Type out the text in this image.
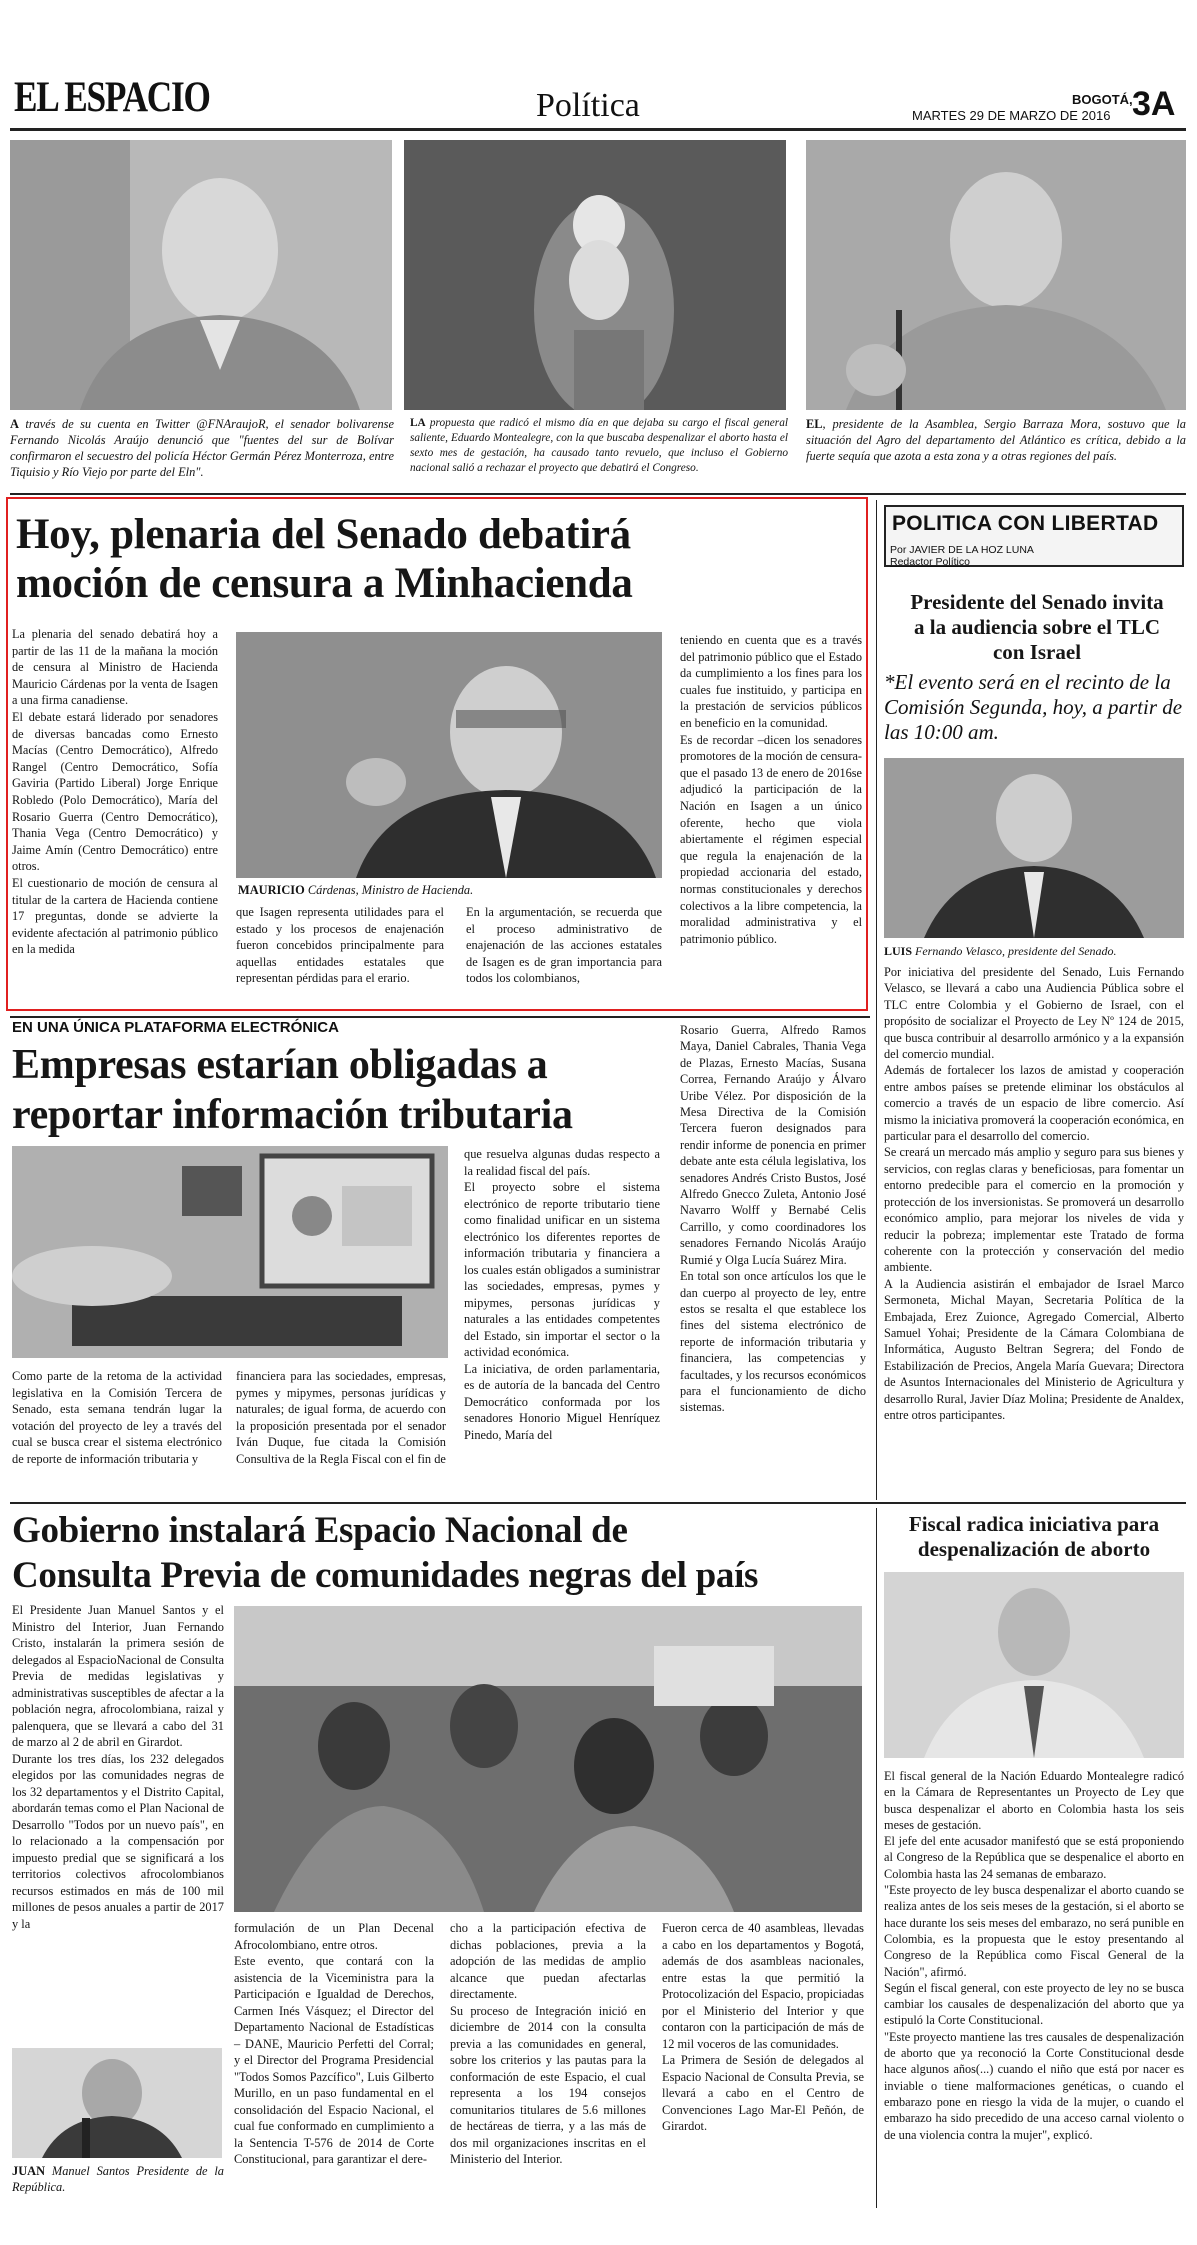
EL ESPACIO	Política	BOGOTÁ,
MARTES 29 DE MARZO DE 2016 3A
A través de su cuenta en Twitter @FNAraujoR, el senador bolivarense Fernando Nicolás Araújo denunció que "fuentes del sur de Bolívar confirmaron el secuestro del policía Héctor Germán Pérez Monterroza, entre Tiquisio y Río Viejo por parte del Eln".
LA propuesta que radicó el mismo día en que dejaba su cargo el fiscal general saliente, Eduardo Montealegre, con la que buscaba despenalizar el aborto hasta el sexto mes de gestación, ha causado tanto revuelo, que incluso el Gobierno nacional salió a rechazar el proyecto que debatirá el Congreso.
EL, presidente de la Asamblea, Sergio Barraza Mora, sostuvo que la situación del Agro del departamento del Atlántico es crítica, debido a la fuerte sequía que azota a esta zona y a otras regiones del país.
Hoy, plenaria del Senado debatirá
moción de censura a Minhacienda
La plenaria del senado debatirá hoy a partir de las 11 de la mañana la moción de censura al Ministro de Hacienda Mauricio Cárdenas por la venta de Isagen a una firma canadiense.
El debate estará liderado por senadores de diversas bancadas como Ernesto Macías (Centro Democrático), Alfredo Rangel (Centro Democrático, Sofía Gaviria (Partido Liberal) Jorge Enrique Robledo (Polo Democrático), María del Rosario Guerra (Centro Democrático), Thania Vega (Centro Democrático) y Jaime Amín (Centro Democrático) entre otros.
El cuestionario de moción de censura al titular de la cartera de Hacienda contiene 17 preguntas, donde se advierte la evidente afectación al patrimonio público en la medida
MAURICIO Cárdenas, Ministro de Hacienda.
que Isagen representa utilidades para el estado y los procesos de enajenación fueron concebidos principalmente para aquellas entidades estatales que representan pérdidas para el erario.
En la argumentación, se recuerda que el proceso administrativo de enajenación de las acciones estatales de Isagen es de gran importancia para todos los colombianos,
teniendo en cuenta que es a través del patrimonio público que el Estado da cumplimiento a los fines para los cuales fue instituido, y participa en la prestación de servicios públicos en beneficio en la comunidad.
Es de recordar –dicen los senadores promotores de la moción de censura- que el pasado 13 de enero de 2016se adjudicó la participación de la Nación en Isagen a un único oferente, hecho que viola abiertamente el régimen especial que regula la enajenación de la propiedad accionaria del estado, normas constitucionales y derechos colectivos a la libre competencia, la moralidad administrativa y el patrimonio público.
POLITICA CON LIBERTAD
Por JAVIER DE LA HOZ LUNA
Redactor Político
Presidente del Senado invita a la audiencia sobre el TLC con Israel
*El evento será en el recinto de la Comisión Segunda, hoy, a partir de las 10:00 am.
LUIS Fernando Velasco, presidente del Senado.
Por iniciativa del presidente del Senado, Luis Fernando Velasco, se llevará a cabo una Audiencia Pública sobre el TLC entre Colombia y el Gobierno de Israel, con el propósito de socializar el Proyecto de Ley Nº 124 de 2015, que busca contribuir al desarrollo armónico y a la expansión del comercio mundial.
Además de fortalecer los lazos de amistad y cooperación entre ambos países se pretende eliminar los obstáculos al comercio a través de un espacio de libre comercio. Así mismo la iniciativa promoverá la cooperación económica, en particular para el desarrollo del comercio.
Se creará un mercado más amplio y seguro para sus bienes y servicios, con reglas claras y beneficiosas, para fomentar un entorno predecible para el comercio en la promoción y protección de los inversionistas. Se promoverá un desarrollo económico amplio, para mejorar los niveles de vida y reducir la pobreza; implementar este Tratado de forma coherente con la protección y conservación del medio ambiente.
A la Audiencia asistirán el embajador de Israel Marco Sermoneta, Michal Mayan, Secretaria Política de la Embajada, Erez Zuionce, Agregado Comercial, Alberto Samuel Yohai; Presidente de la Cámara Colombiana de Informática, Augusto Beltran Segrera; del Fondo de Estabilización de Precios, Angela María Guevara; Directora de Asuntos Internacionales del Ministerio de Agricultura y desarrollo Rural, Javier Díaz Molina; Presidente de Analdex, entre otros participantes.
EN UNA ÚNICA PLATAFORMA ELECTRÓNICA
Empresas estarían obligadas a
reportar información tributaria
Como parte de la retoma de la actividad legislativa en la Comisión Tercera de Senado, esta semana tendrán lugar la votación del proyecto de ley a través del cual se busca crear el sistema electrónico de reporte de información tributaria y
financiera para las sociedades, empresas, pymes y mipymes, personas jurídicas y naturales; de igual forma, de acuerdo con la proposición presentada por el senador Iván Duque, fue citada la Comisión Consultiva de la Regla Fiscal con el fin de
que resuelva algunas dudas respecto a la realidad fiscal del país.
El proyecto sobre el sistema electrónico de reporte tributario tiene como finalidad unificar en un sistema electrónico los diferentes reportes de información tributaria y financiera a los cuales están obligados a suministrar las sociedades, empresas, pymes y mipymes, personas jurídicas y naturales a las entidades competentes del Estado, sin importar el sector o la actividad económica.
La iniciativa, de orden parlamentaria, es de autoría de la bancada del Centro Democrático conformada por los senadores Honorio Miguel Henríquez Pinedo, María del
Rosario Guerra, Alfredo Ramos Maya, Daniel Cabrales, Thania Vega de Plazas, Ernesto Macías, Susana Correa, Fernando Araújo y Álvaro Uribe Vélez. Por disposición de la Mesa Directiva de la Comisión Tercera fueron designados para rendir informe de ponencia en primer debate ante esta célula legislativa, los senadores Andrés Cristo Bustos, José Alfredo Gnecco Zuleta, Antonio José Navarro Wolff y Bernabé Celis Carrillo, y como coordinadores los senadores Fernando Nicolás Araújo Rumié y Olga Lucía Suárez Mira.
En total son once artículos los que le dan cuerpo al proyecto de ley, entre estos se resalta el que establece los fines del sistema electrónico de reporte de información tributaria y financiera, las competencias y facultades, y los recursos económicos para el funcionamiento de dicho sistemas.
Gobierno instalará Espacio Nacional de
Consulta Previa de comunidades negras del país
El Presidente Juan Manuel Santos y el Ministro del Interior, Juan Fernando Cristo, instalarán la primera sesión de delegados al EspacioNacional de Consulta Previa de medidas legislativas y administrativas susceptibles de afectar a la población negra, afrocolombiana, raizal y palenquera, que se llevará a cabo del 31 de marzo al 2 de abril en Girardot.
Durante los tres días, los 232 delegados elegidos por las comunidades negras de los 32 departamentos y el Distrito Capital, abordarán temas como el Plan Nacional de Desarrollo "Todos por un nuevo país", en lo relacionado a la compensación por impuesto predial que se significará a los territorios colectivos afrocolombianos recursos estimados en más de 100 mil millones de pesos anuales a partir de 2017 y la	formulación de un Plan Decenal Afrocolombiano, entre otros.
Este evento, que contará con la asistencia de la Viceministra para la Participación e Igualdad de Derechos, Carmen Inés Vásquez; el Director del Departamento Nacional de Estadísticas – DANE, Mauricio Perfetti del Corral; y el Director del Programa Presidencial "Todos Somos Pazcífico", Luis Gilberto Murillo, en un paso fundamental en el consolidación del Espacio Nacional, el cual fue conformado en cumplimiento a la Sentencia T-576 de 2014 de Corte Constitucional, para garantizar el dere-
cho a la participación efectiva de dichas poblaciones, previa a la adopción de las medidas de amplio alcance que puedan afectarlas directamente.
Su proceso de Integración inició en diciembre de 2014 con la consulta previa a las comunidades en general, sobre los criterios y las pautas para la conformación de este Espacio, el cual representa a los 194 consejos comunitarios titulares de 5.6 millones de hectáreas de tierra, y a las más de dos mil organizaciones inscritas en el Ministerio del Interior.
Fueron cerca de 40 asambleas, llevadas a cabo en los departamentos y Bogotá, además de dos asambleas nacionales, entre estas la que permitió la Protocolización del Espacio, propiciadas por el Ministerio del Interior y que contaron con la participación de más de 12 mil voceros de las comunidades.
La Primera de Sesión de delegados al Espacio Nacional de Consulta Previa, se llevará a cabo en el Centro de Convenciones Lago Mar-El Peñón, de Girardot.
JUAN Manuel Santos Presidente de la República.
Fiscal radica iniciativa para despenalización de aborto
El fiscal general de la Nación Eduardo Montealegre radicó en la Cámara de Representantes un Proyecto de Ley que busca despenalizar el aborto en Colombia hasta los seis meses de gestación.
El jefe del ente acusador manifestó que se está proponiendo al Congreso de la República que se despenalice el aborto en Colombia hasta las 24 semanas de embarazo.
"Este proyecto de ley busca despenalizar el aborto cuando se realiza antes de los seis meses de la gestación, si el aborto se hace durante los seis meses del embarazo, no será punible en Colombia, es la propuesta que le estoy presentando al Congreso de la República como Fiscal General de la Nación", afirmó.
Según el fiscal general, con este proyecto de ley no se busca cambiar los causales de despenalización del aborto que ya estipuló la Corte Constitucional.
"Este proyecto mantiene las tres causales de despenalización de aborto que ya reconoció la Corte Constitucional desde hace algunos años(...) cuando el niño que está por nacer es inviable o tiene malformaciones genéticas, o cuando el embarazo pone en riesgo la vida de la mujer, o cuando el embarazo ha sido precedido de una acceso carnal violento o de una violencia contra la mujer", explicó.
